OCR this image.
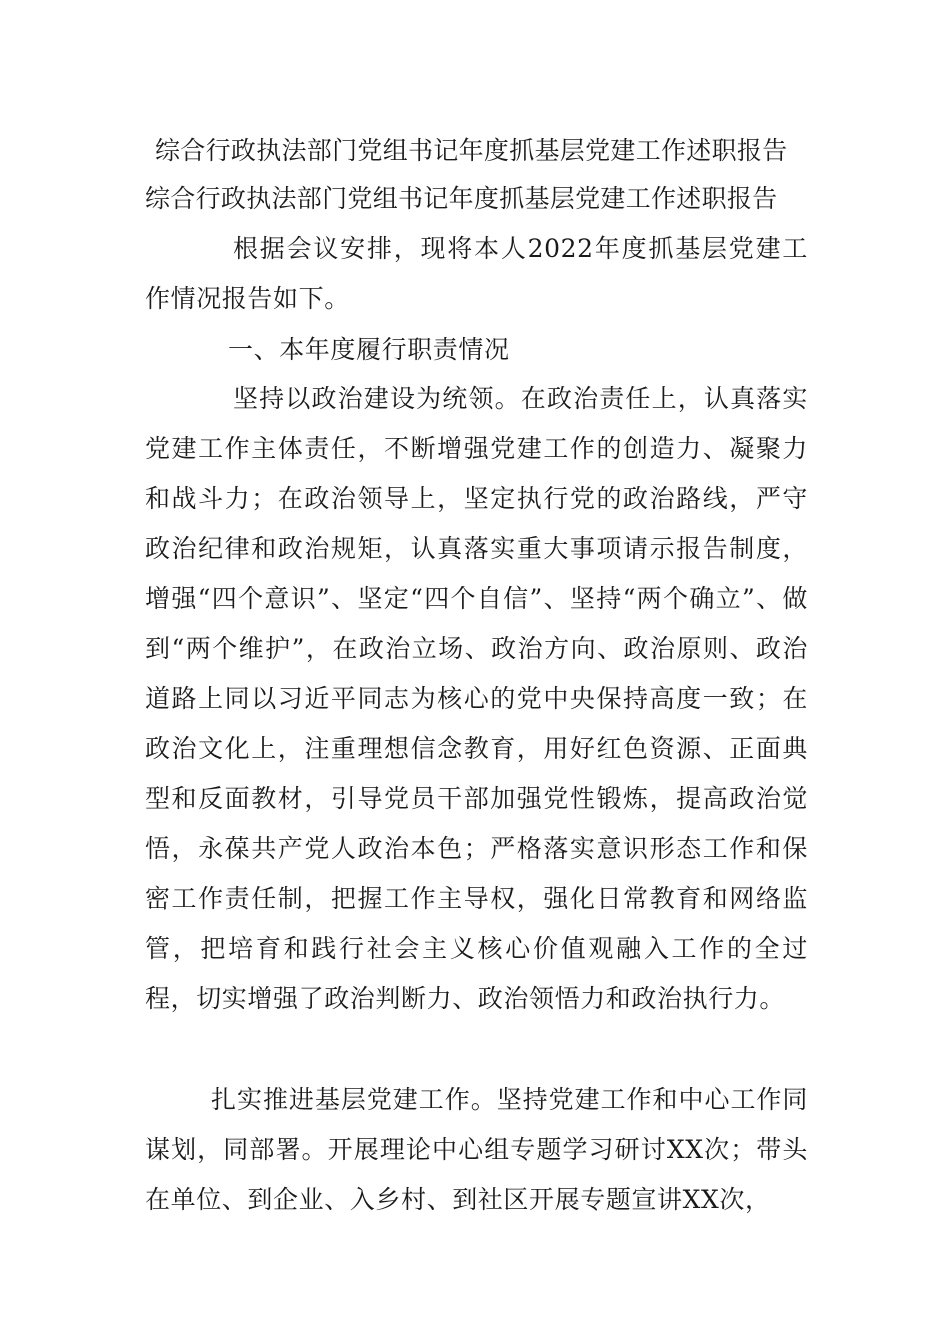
综合行政执法部门党组书记年度抓基层党建工作述职报告
综合行政执法部门党组书记年度抓基层党建工作述职报告

根据会议安排，现将本人2022年度抓基层党建工作情况报告如下。

一、本年度履行职责情况

坚持以政治建设为统领。在政治责任上，认真落实党建工作主体责任，不断增强党建工作的创造力、凝聚力和战斗力；在政治领导上，坚定执行党的政治路线，严守政治纪律和政治规矩，认真落实重大事项请示报告制度，增强“四个意识”、坚定“四个自信”、坚持“两个确立”、做到“两个维护”，在政治立场、政治方向、政治原则、政治道路上同以习近平同志为核心的党中央保持高度一致；在政治文化上，注重理想信念教育，用好红色资源、正面典型和反面教材，引导党员干部加强党性锻炼，提高政治觉悟，永葆共产党人政治本色；严格落实意识形态工作和保密工作责任制，把握工作主导权，强化日常教育和网络监管，把培育和践行社会主义核心价值观融入工作的全过程，切实增强了政治判断力、政治领悟力和政治执行力。

扎实推进基层党建工作。坚持党建工作和中心工作同谋划，同部署。开展理论中心组专题学习研讨XX次；带头在单位、到企业、入乡村、到社区开展专题宣讲XX次，
